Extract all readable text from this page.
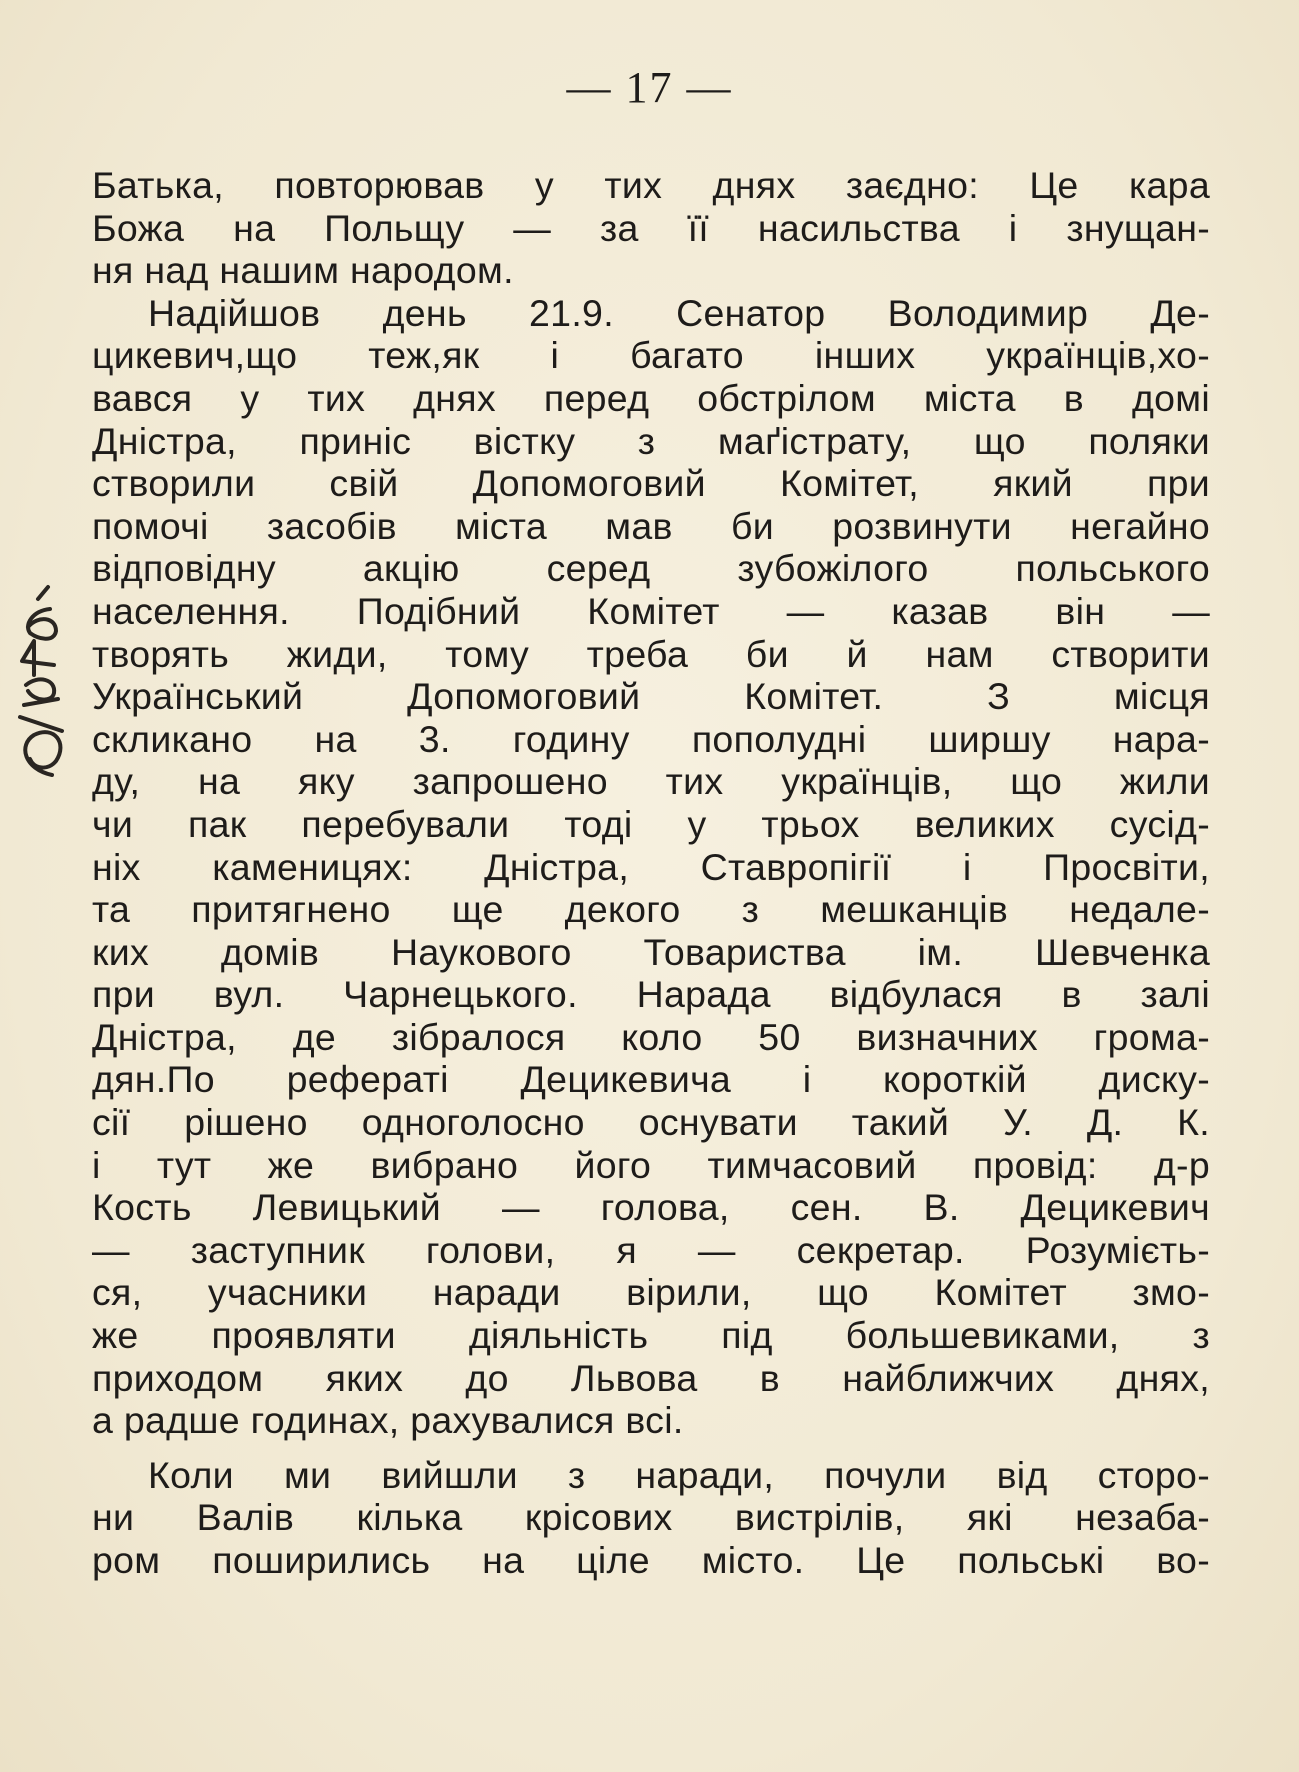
— 17 —
Батька, повторював у тих днях заєдно: Це кара
Божа на Польщу — за її насильства і знущан-
ня над нашим народом.
Надійшов день 21.9. Сенатор Володимир Де-
цикевич,що теж,як і багато інших українців,хо-
вався у тих днях перед обстрілом міста в домі
Дністра, приніс вістку з маґістрату, що поляки
створили свій Допомоговий Комітет, який при
помочі засобів міста мав би розвинути негайно
відповідну акцію серед зубожілого польського
населення. Подібний Комітет — казав він —
творять жиди, тому треба би й нам створити
Український Допомоговий Комітет. З місця
скликано на 3. годину пополудні ширшу нара-
ду, на яку запрошено тих українців, що жили
чи пак перебували тоді у трьох великих сусід-
ніх каменицях: Дністра, Ставропігії і Просвіти,
та притягнено ще декого з мешканців недале-
ких домів Наукового Товариства ім. Шевченка
при вул. Чарнецького. Нарада відбулася в залі
Дністра, де зібралося коло 50 визначних грома-
дян.По рефераті Децикевича і короткій диску-
сії рішено одноголосно оснувати такий У. Д. К.
і тут же вибрано його тимчасовий провід: д-р
Кость Левицький — голова, сен. В. Децикевич
— заступник голови, я — секретар. Розумієть-
ся, учасники наради вірили, що Комітет змо-
же проявляти діяльність під большевиками, з
приходом яких до Львова в найближчих днях,
а радше годинах, рахувалися всі.
Коли ми вийшли з наради, почули від сторо-
ни Валів кілька крісових вистрілів, які незаба-
ром поширились на ціле місто. Це польські во-
